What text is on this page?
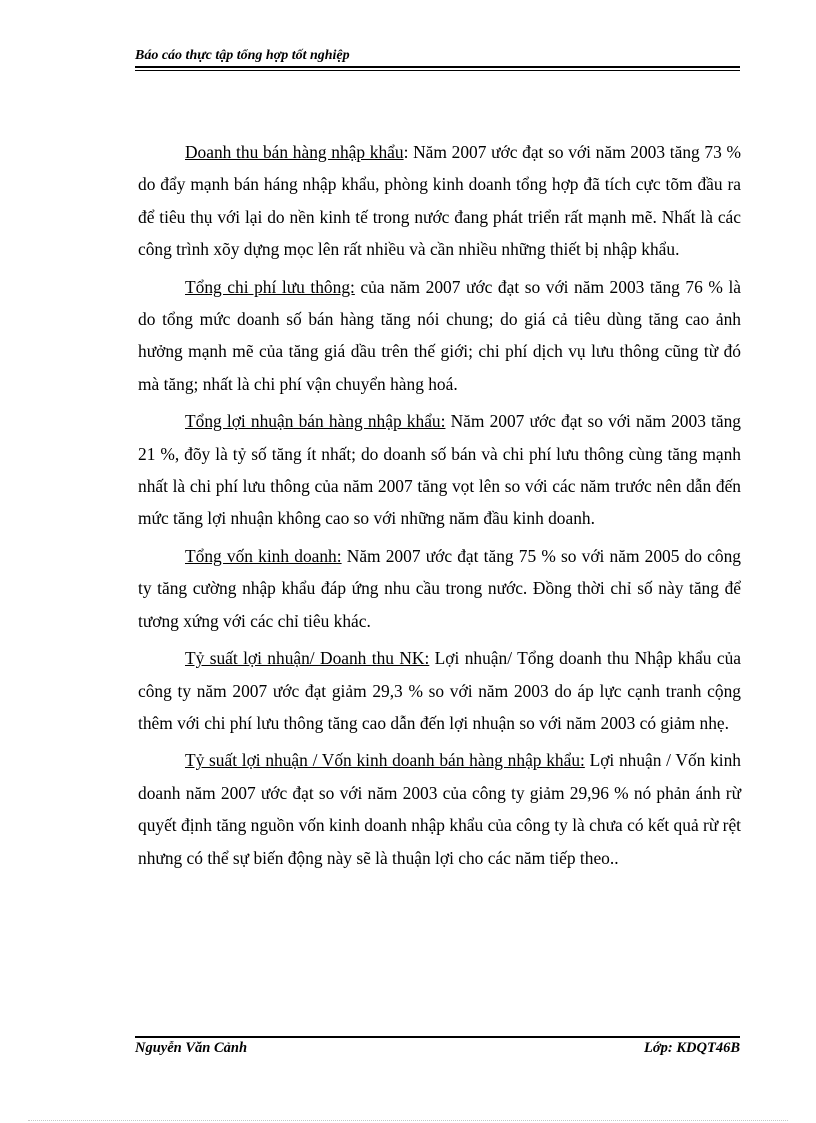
Báo cáo thực tập tổng hợp tốt nghiệp

Doanh thu bán hàng nhập khẩu: Năm 2007 ước đạt so với năm 2003 tăng 73 % do đẩy mạnh bán háng nhập khẩu, phòng kinh doanh tổng hợp đã tích cực tõm đầu ra để tiêu thụ với lại do nền kinh tế trong nước đang phát triển rất mạnh mẽ. Nhất là các công trình xõy dựng mọc lên rất nhiều và cần nhiều những thiết bị nhập khẩu.

Tổng chi phí lưu thông: của năm 2007 ước đạt so với năm 2003 tăng 76 % là do tổng mức doanh số bán hàng tăng nói chung; do giá cả tiêu dùng tăng cao ảnh hưởng mạnh mẽ của tăng giá dầu trên thế giới; chi phí dịch vụ lưu thông cũng từ đó mà tăng; nhất là chi phí vận chuyển hàng hoá.

Tổng lợi nhuận bán hàng nhập khẩu: Năm 2007 ước đạt so với năm 2003 tăng 21 %, đõy là tỷ số tăng ít nhất; do doanh số bán và chi phí lưu thông cùng tăng mạnh nhất là chi phí lưu thông của năm 2007 tăng vọt lên so với các năm trước nên dẫn đến mức tăng lợi nhuận không cao so với những năm đầu kinh doanh.

Tổng vốn kinh doanh: Năm 2007 ước đạt tăng 75 % so với năm 2005 do công ty tăng cường nhập khẩu đáp ứng nhu cầu trong nước. Đồng thời chỉ số này tăng để tương xứng với các chỉ tiêu khác.

Tỷ suất lợi nhuận/ Doanh thu NK: Lợi nhuận/ Tổng doanh thu Nhập khẩu của công ty năm 2007 ước đạt giảm 29,3 % so với năm 2003 do áp lực cạnh tranh cộng thêm với chi phí lưu thông tăng cao dẫn đến lợi nhuận so với năm 2003 có giảm nhẹ.

Tỷ suất lợi nhuận / Vốn kinh doanh bán hàng nhập khẩu: Lợi nhuận / Vốn kinh doanh năm 2007 ước đạt so với năm 2003 của công ty giảm 29,96 % nó phản ánh rừ quyết định tăng nguồn vốn kinh doanh nhập khẩu của công ty là chưa có kết quả rừ rệt nhưng có thể sự biến động này sẽ là thuận lợi cho các năm tiếp theo..

Nguyễn Văn Cảnh	Lớp: KDQT46B
